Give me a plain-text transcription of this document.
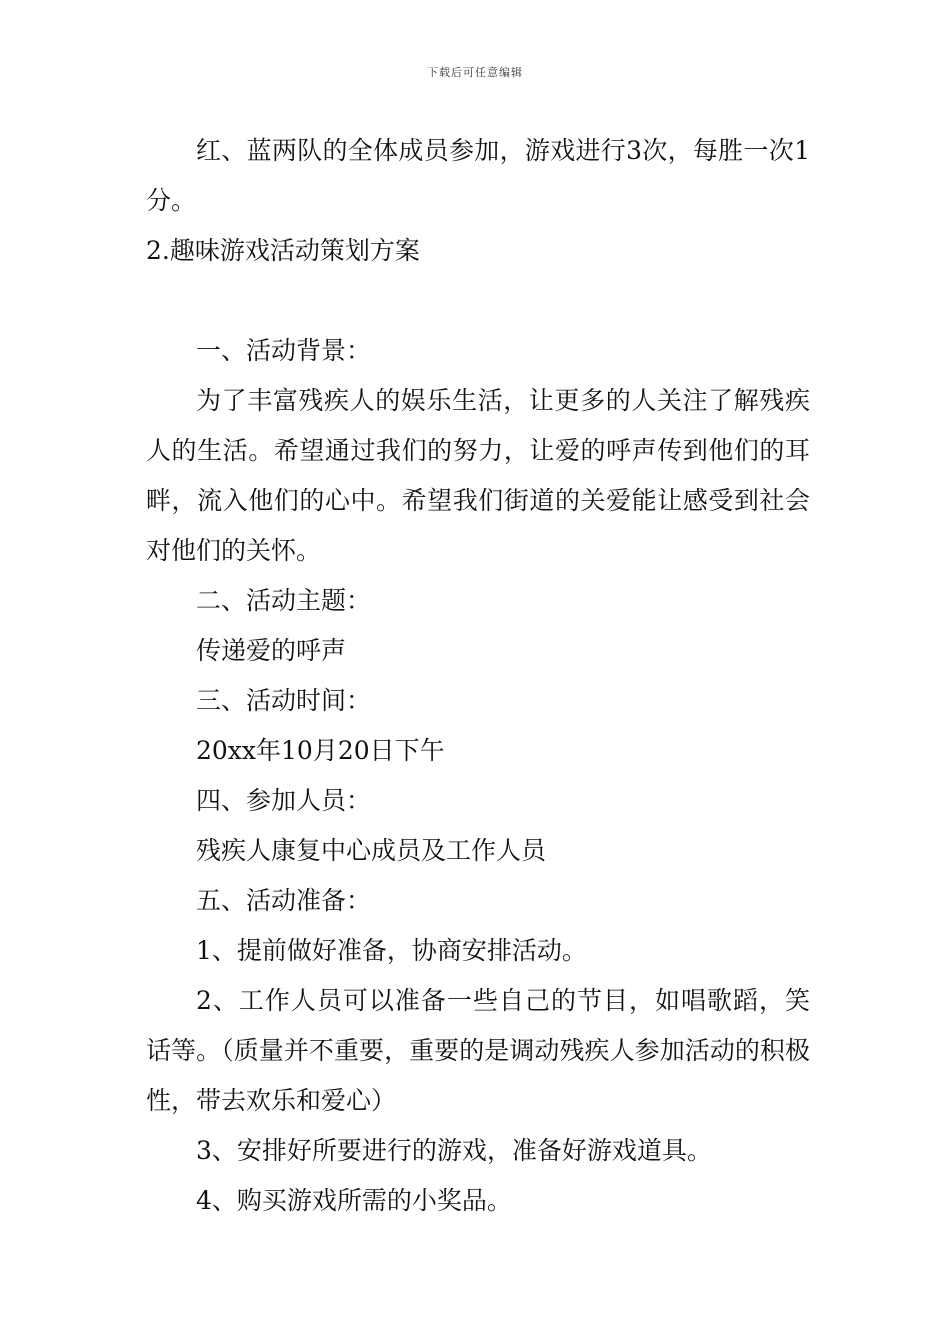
下载后可任意编辑

红、蓝两队的全体成员参加，游戏进行3次，每胜一次1分。

2.趣味游戏活动策划方案

一、活动背景：

为了丰富残疾人的娱乐生活，让更多的人关注了解残疾人的生活。希望通过我们的努力，让爱的呼声传到他们的耳畔，流入他们的心中。希望我们街道的关爱能让感受到社会对他们的关怀。

二、活动主题：

传递爱的呼声

三、活动时间：

20xx年10月20日下午

四、参加人员：

残疾人康复中心成员及工作人员

五、活动准备：

1、提前做好准备，协商安排活动。

2、工作人员可以准备一些自己的节目，如唱歌蹈，笑话等。（质量并不重要，重要的是调动残疾人参加活动的积极性，带去欢乐和爱心）

3、安排好所要进行的游戏，准备好游戏道具。

4、购买游戏所需的小奖品。
